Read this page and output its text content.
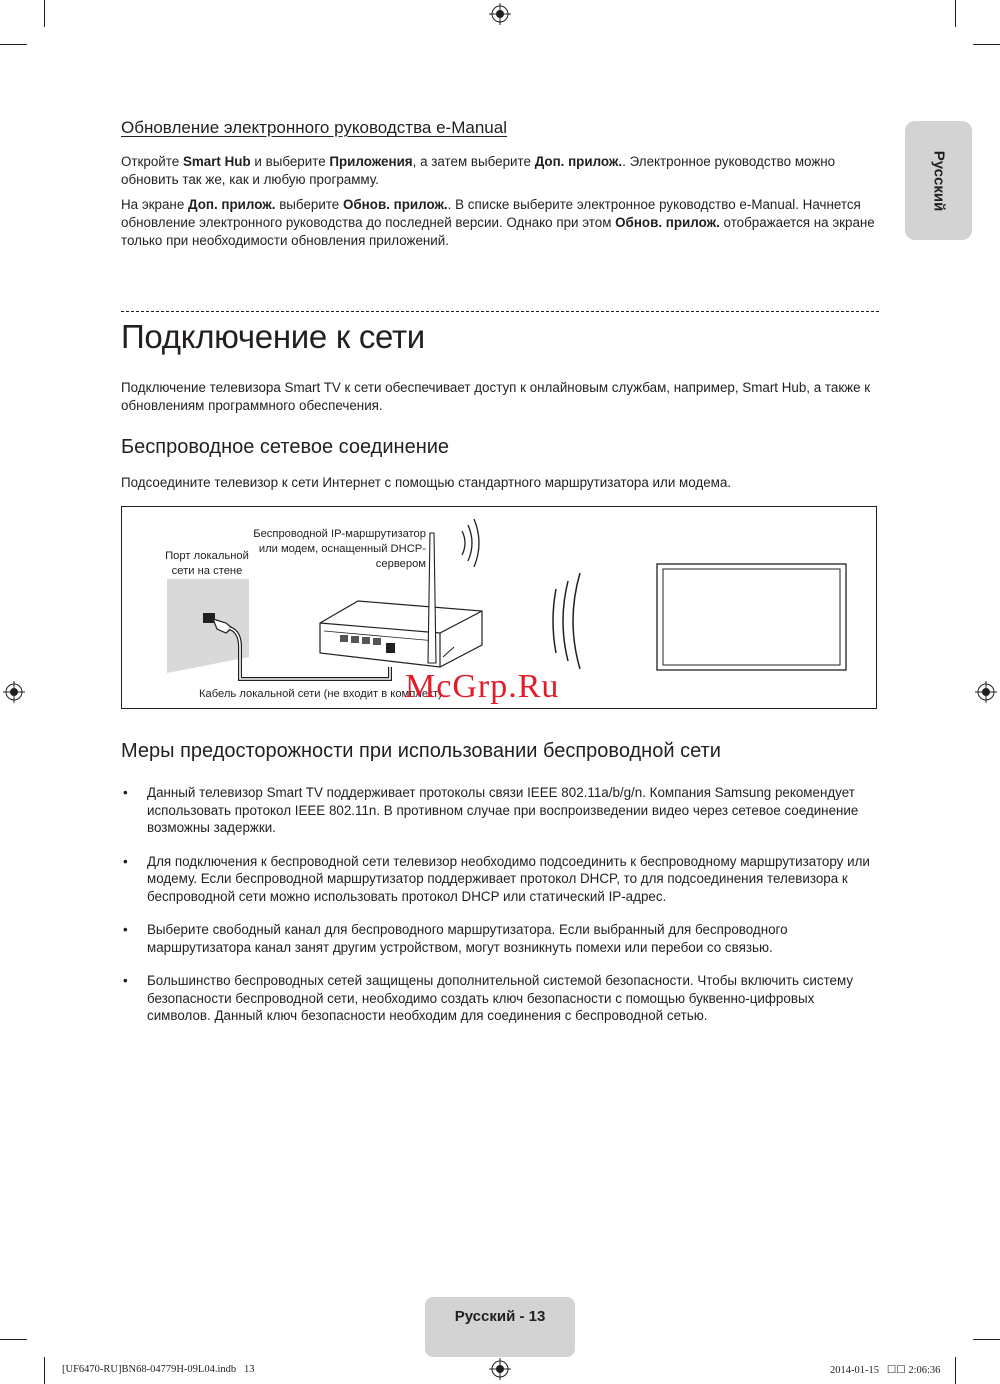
Русский
Обновление электронного руководства e-Manual
Откройте Smart Hub и выберите Приложения, а затем выберите Доп. прилож.. Электронное руководство можно обновить так же, как и любую программу.
На экране Доп. прилож. выберите Обнов. прилож.. В списке выберите электронное руководство e-Manual. Начнется обновление электронного руководства до последней версии. Однако при этом Обнов. прилож. отображается на экране только при необходимости обновления приложений.
Подключение к сети
Подключение телевизора Smart TV к сети обеспечивает доступ к онлайновым службам, например, Smart Hub, а также к обновлениям программного обеспечения.
Беспроводное сетевое соединение
Подсоедините телевизор к сети Интернет с помощью стандартного маршрутизатора или модема.
Порт локальной
сети на стене
Беспроводной IP-маршрутизатор
или модем, оснащенный DHCP-
сервером
Кабель локальной сети (не входит в комплект)
McGrp.Ru
Меры предосторожности при использовании беспроводной сети
• Данный телевизор Smart TV поддерживает протоколы связи IEEE 802.11a/b/g/n. Компания Samsung рекомендует использовать протокол IEEE 802.11n. В противном случае при воспроизведении видео через сетевое соединение возможны задержки.
• Для подключения к беспроводной сети телевизор необходимо подсоединить к беспроводному маршрутизатору или модему. Если беспроводной маршрутизатор поддерживает протокол DHCP, то для подсоединения телевизора к беспроводной сети можно использовать протокол DHCP или статический IP-адрес.
• Выберите свободный канал для беспроводного маршрутизатора. Если выбранный для беспроводного маршрутизатора канал занят другим устройством, могут возникнуть помехи или перебои со связью.
• Большинство беспроводных сетей защищены дополнительной системой безопасности. Чтобы включить систему безопасности беспроводной сети, необходимо создать ключ безопасности с помощью буквенно-цифровых символов. Данный ключ безопасности необходим для соединения с беспроводной сетью.
Русский - 13
[UF6470-RU]BN68-04779H-09L04.indb   13	2014-01-15   ☐☐ 2:06:36
